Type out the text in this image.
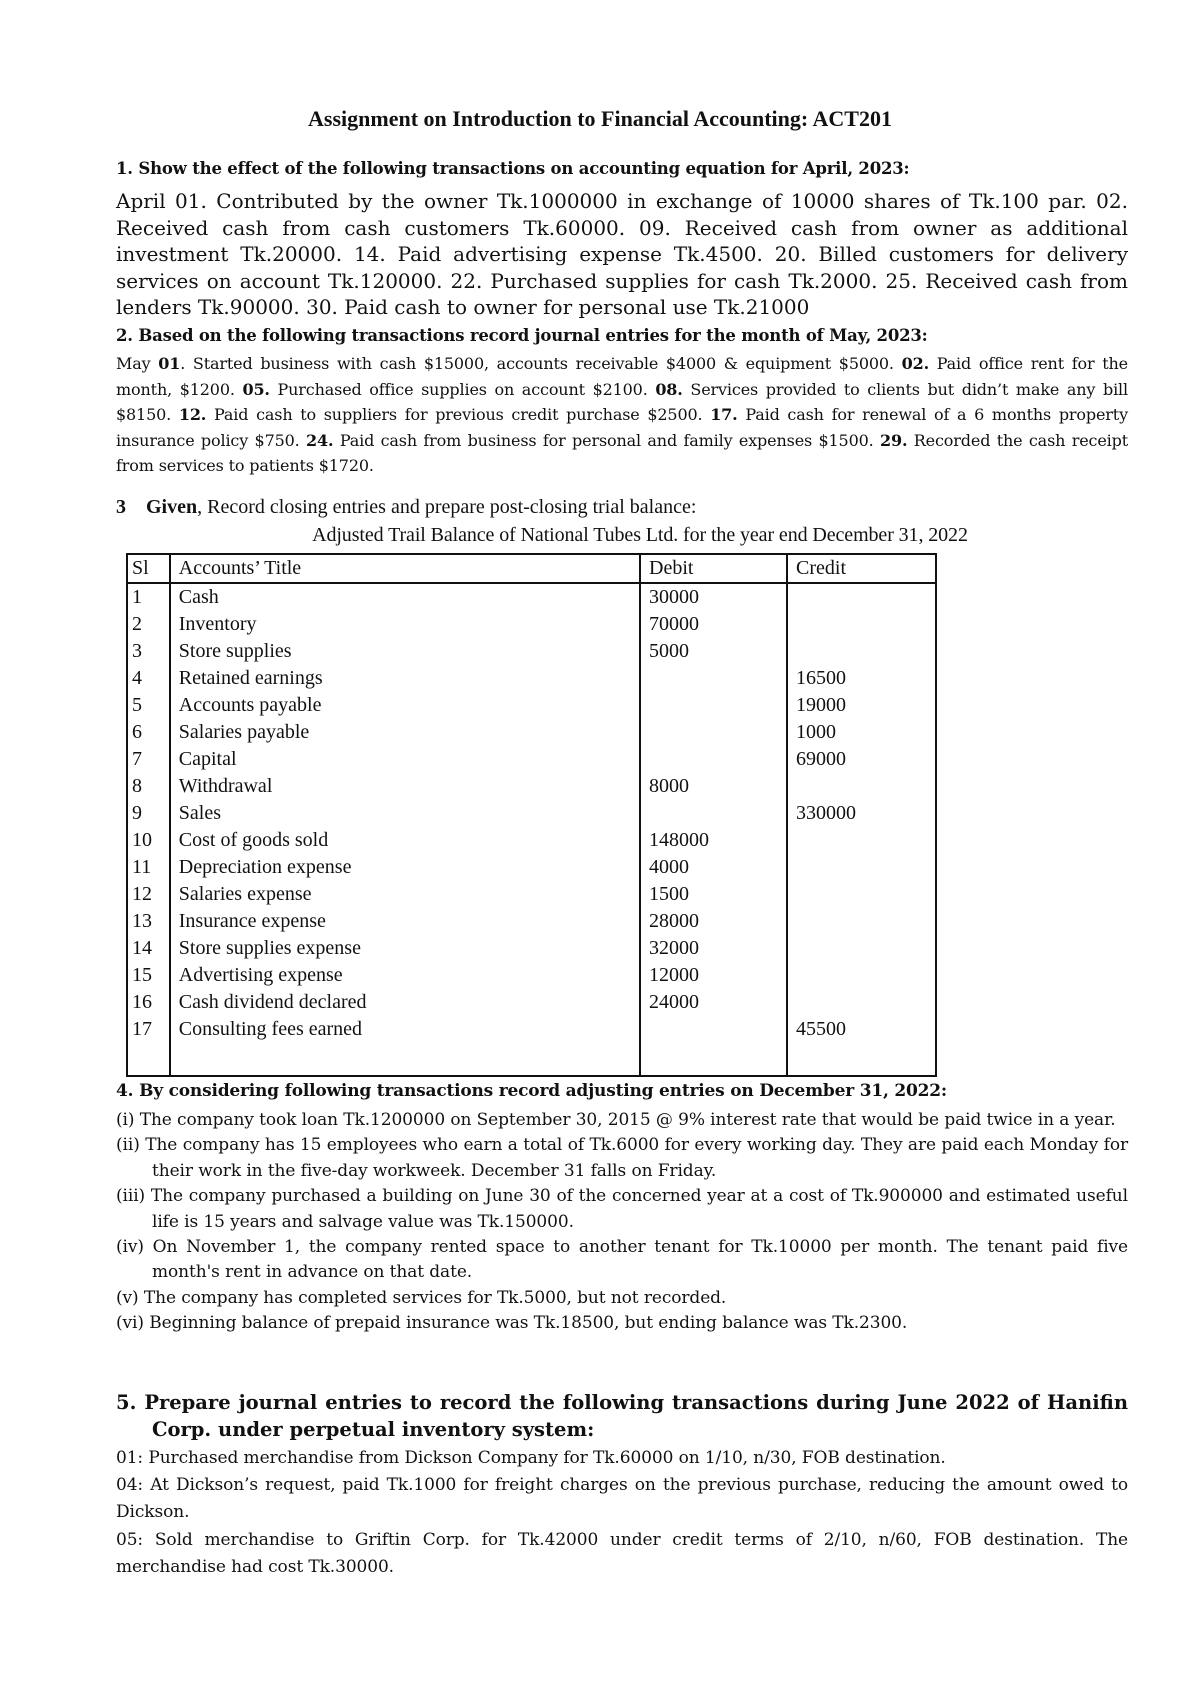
Assignment on Introduction to Financial Accounting: ACT201
1. Show the effect of the following transactions on accounting equation for April, 2023:

April 01. Contributed by the owner Tk.1000000 in exchange of 10000 shares of Tk.100 par. 02. Received cash from cash customers Tk.60000. 09. Received cash from owner as additional investment Tk.20000. 14. Paid advertising expense Tk.4500. 20. Billed customers for delivery services on account Tk.120000. 22. Purchased supplies for cash Tk.2000. 25. Received cash from lenders Tk.90000. 30. Paid cash to owner for personal use Tk.21000

2. Based on the following transactions record journal entries for the month of May, 2023:

May 01. Started business with cash $15000, accounts receivable $4000 & equipment $5000. 02. Paid office rent for the month, $1200. 05. Purchased office supplies on account $2100. 08. Services provided to clients but didn’t make any bill $8150. 12. Paid cash to suppliers for previous credit purchase $2500. 17. Paid cash for renewal of a 6 months property insurance policy $750. 24. Paid cash from business for personal and family expenses $1500. 29. Recorded the cash receipt from services to patients $1720.

3 Given, Record closing entries and prepare post-closing trial balance:
Adjusted Trail Balance of National Tubes Ltd. for the year end December 31, 2022
Sl	Accounts’ Title	Debit	Credit
1	Cash	30000	
2	Inventory	70000	
3	Store supplies	5000	
4	Retained earnings		16500
5	Accounts payable		19000
6	Salaries payable		1000
7	Capital		69000
8	Withdrawal	8000	
9	Sales		330000
10	Cost of goods sold	148000	
11	Depreciation expense	4000	
12	Salaries expense	1500	
13	Insurance expense	28000	
14	Store supplies expense	32000	
15	Advertising expense	12000	
16	Cash dividend declared	24000	
17	Consulting fees earned		45500

4. By considering following transactions record adjusting entries on December 31, 2022:
(i) The company took loan Tk.1200000 on September 30, 2015 @ 9% interest rate that would be paid twice in a year.
(ii) The company has 15 employees who earn a total of Tk.6000 for every working day. They are paid each Monday for their work in the five-day workweek. December 31 falls on Friday.
(iii) The company purchased a building on June 30 of the concerned year at a cost of Tk.900000 and estimated useful life is 15 years and salvage value was Tk.150000.
(iv) On November 1, the company rented space to another tenant for Tk.10000 per month. The tenant paid five month's rent in advance on that date.
(v) The company has completed services for Tk.5000, but not recorded.
(vi) Beginning balance of prepaid insurance was Tk.18500, but ending balance was Tk.2300.
5. Prepare journal entries to record the following transactions during June 2022 of Hanifin Corp. under perpetual inventory system:
01: Purchased merchandise from Dickson Company for Tk.60000 on 1/10, n/30, FOB destination.
04: At Dickson’s request, paid Tk.1000 for freight charges on the previous purchase, reducing the amount owed to Dickson.
05: Sold merchandise to Griftin Corp. for Tk.42000 under credit terms of 2/10, n/60, FOB destination. The merchandise had cost Tk.30000.
